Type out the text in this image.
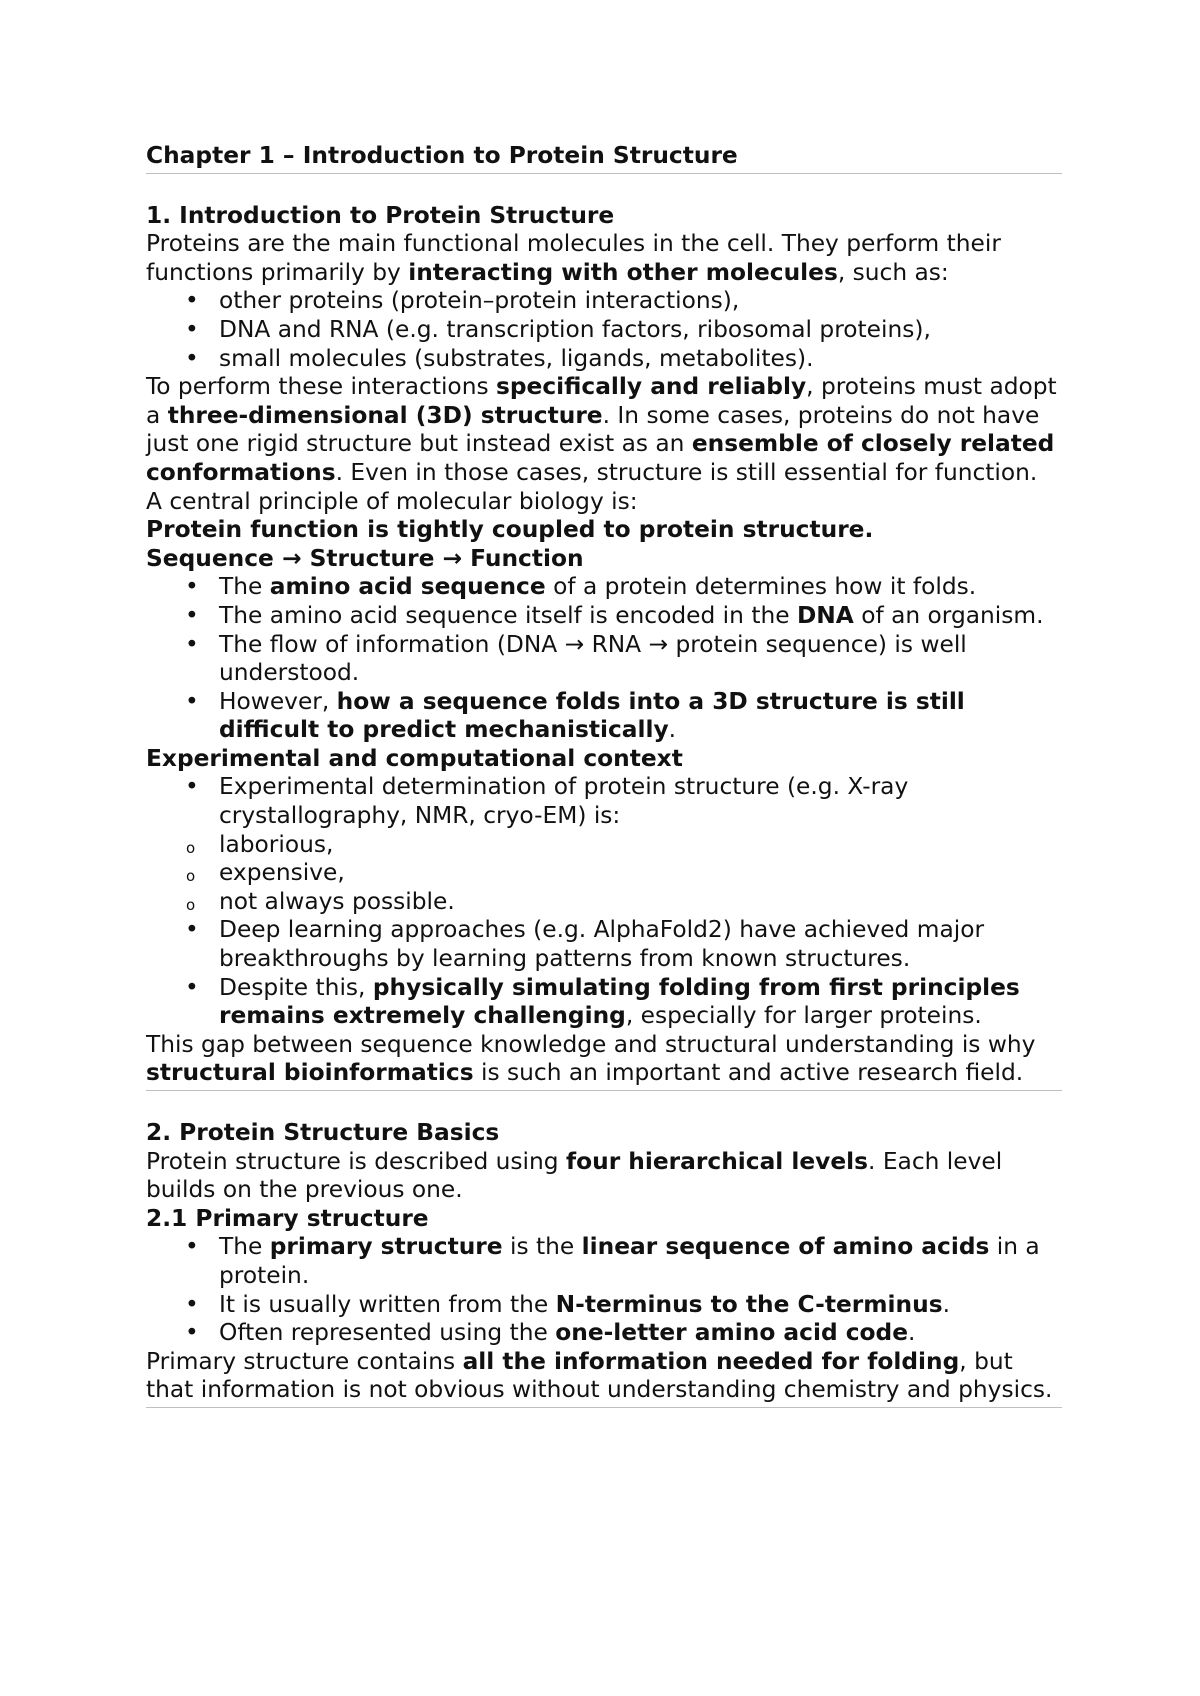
Chapter 1 – Introduction to Protein Structure

1. Introduction to Protein Structure

Proteins are the main functional molecules in the cell. They perform their functions primarily by interacting with other molecules, such as:

• other proteins (protein–protein interactions),
• DNA and RNA (e.g. transcription factors, ribosomal proteins),
• small molecules (substrates, ligands, metabolites).

To perform these interactions specifically and reliably, proteins must adopt a three-dimensional (3D) structure. In some cases, proteins do not have just one rigid structure but instead exist as an ensemble of closely related conformations. Even in those cases, structure is still essential for function.

A central principle of molecular biology is:

Protein function is tightly coupled to protein structure.

Sequence → Structure → Function

• The amino acid sequence of a protein determines how it folds.
• The amino acid sequence itself is encoded in the DNA of an organism.
• The flow of information (DNA → RNA → protein sequence) is well understood.
• However, how a sequence folds into a 3D structure is still difficult to predict mechanistically.

Experimental and computational context

• Experimental determination of protein structure (e.g. X-ray crystallography, NMR, cryo-EM) is:
o laborious,
o expensive,
o not always possible.
• Deep learning approaches (e.g. AlphaFold2) have achieved major breakthroughs by learning patterns from known structures.
• Despite this, physically simulating folding from first principles remains extremely challenging, especially for larger proteins.

This gap between sequence knowledge and structural understanding is why structural bioinformatics is such an important and active research field.

2. Protein Structure Basics

Protein structure is described using four hierarchical levels. Each level builds on the previous one.

2.1 Primary structure

• The primary structure is the linear sequence of amino acids in a protein.
• It is usually written from the N-terminus to the C-terminus.
• Often represented using the one-letter amino acid code.

Primary structure contains all the information needed for folding, but that information is not obvious without understanding chemistry and physics.
